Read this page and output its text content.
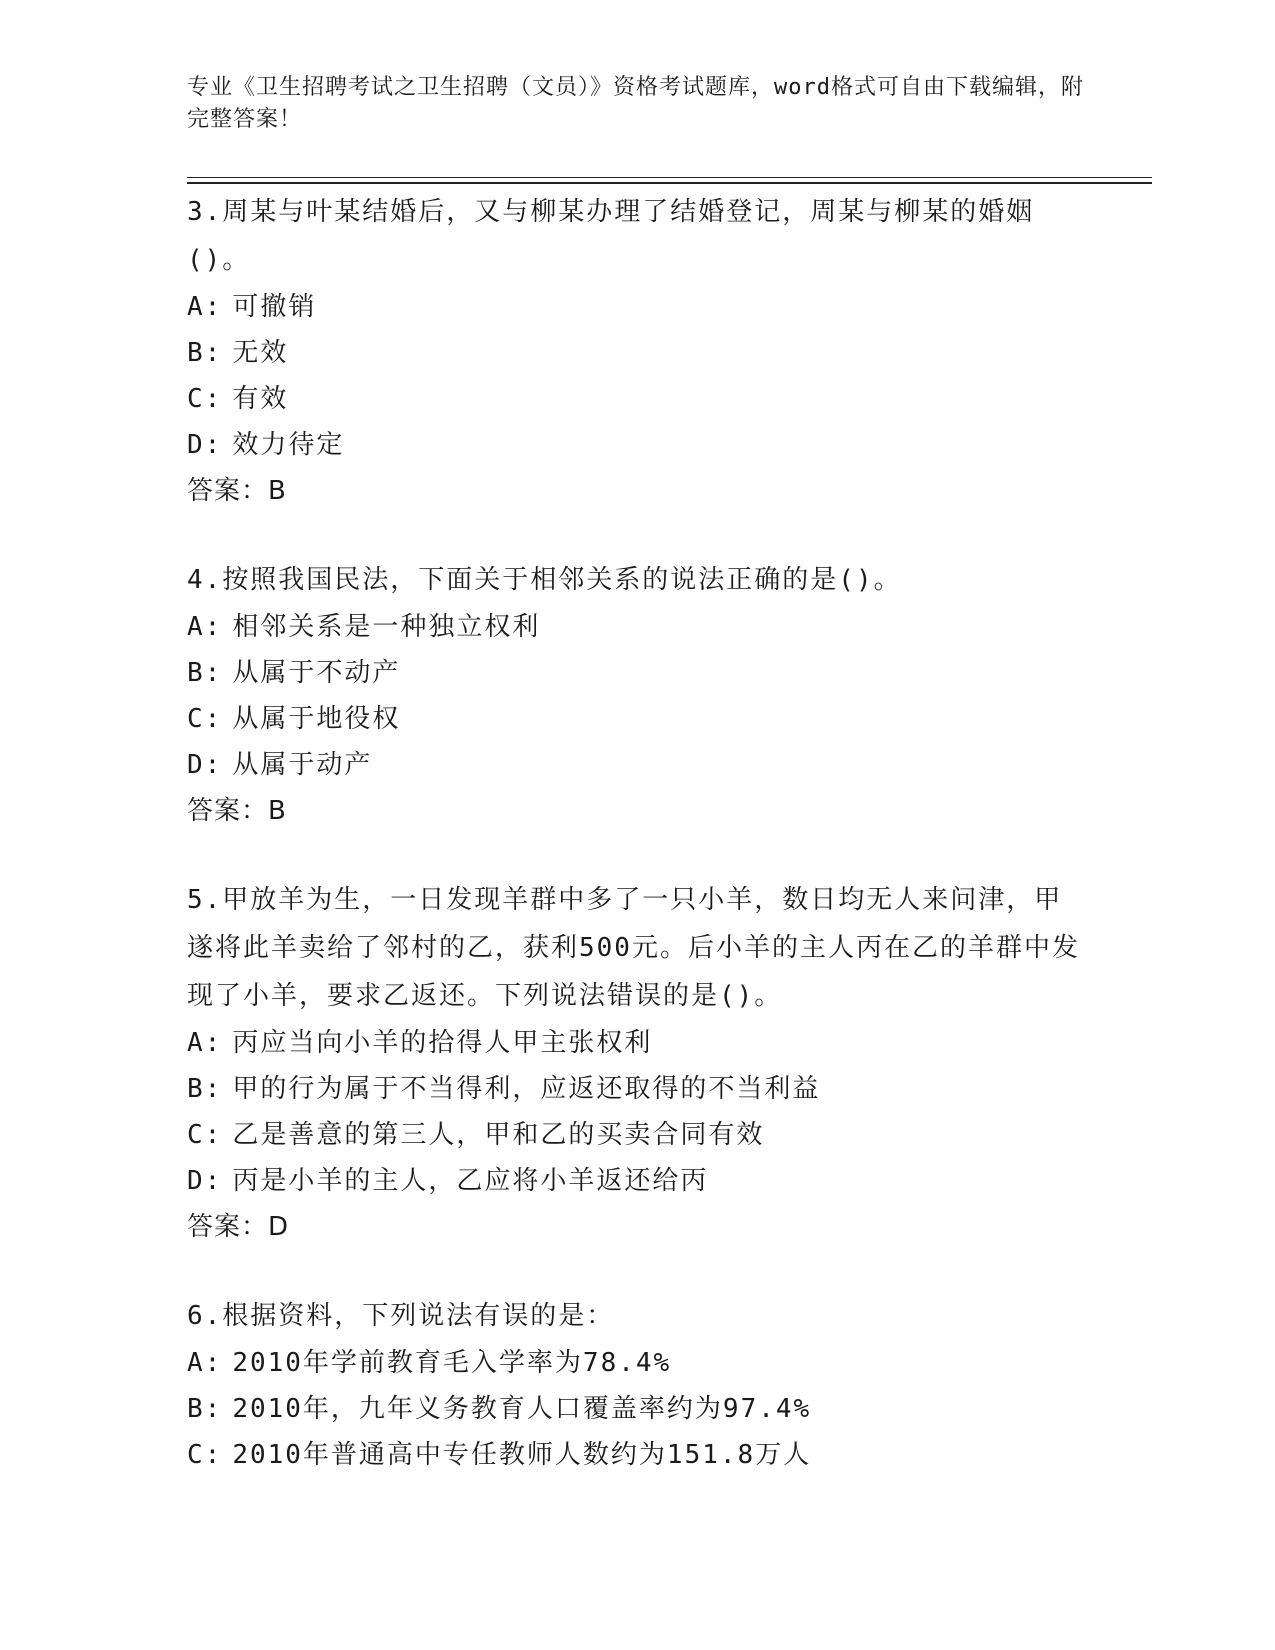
专业《卫生招聘考试之卫生招聘（文员）》资格考试题库，word格式可自由下载编辑，附完整答案！
3.周某与叶某结婚后，又与柳某办理了结婚登记，周某与柳某的婚姻()。
A: 可撤销
B: 无效
C: 有效
D: 效力待定
答案：B
4.按照我国民法，下面关于相邻关系的说法正确的是()。
A: 相邻关系是一种独立权利
B: 从属于不动产
C: 从属于地役权
D: 从属于动产
答案：B
5.甲放羊为生，一日发现羊群中多了一只小羊，数日均无人来问津，甲遂将此羊卖给了邻村的乙，获利500元。后小羊的主人丙在乙的羊群中发现了小羊，要求乙返还。下列说法错误的是()。
A: 丙应当向小羊的拾得人甲主张权利
B: 甲的行为属于不当得利，应返还取得的不当利益
C: 乙是善意的第三人，甲和乙的买卖合同有效
D: 丙是小羊的主人，乙应将小羊返还给丙
答案：D
6.根据资料，下列说法有误的是：
A: 2010年学前教育毛入学率为78.4%
B: 2010年，九年义务教育人口覆盖率约为97.4%
C: 2010年普通高中专任教师人数约为151.8万人
